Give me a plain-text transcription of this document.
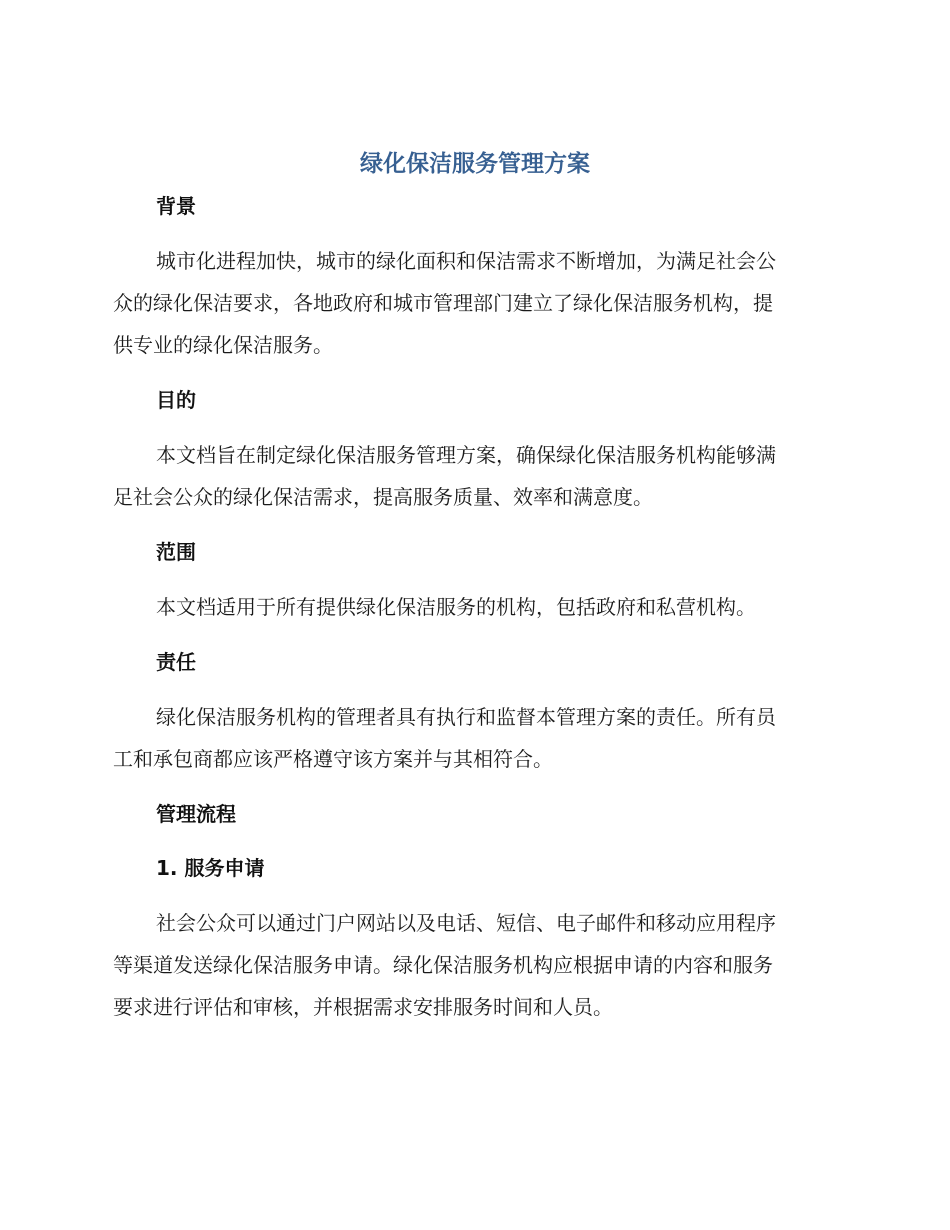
绿化保洁服务管理方案
背景
城市化进程加快，城市的绿化面积和保洁需求不断增加，为满足社会公
众的绿化保洁要求，各地政府和城市管理部门建立了绿化保洁服务机构，提
供专业的绿化保洁服务。
目的
本文档旨在制定绿化保洁服务管理方案，确保绿化保洁服务机构能够满
足社会公众的绿化保洁需求，提高服务质量、效率和满意度。
范围
本文档适用于所有提供绿化保洁服务的机构，包括政府和私营机构。
责任
绿化保洁服务机构的管理者具有执行和监督本管理方案的责任。所有员
工和承包商都应该严格遵守该方案并与其相符合。
管理流程
1. 服务申请
社会公众可以通过门户网站以及电话、短信、电子邮件和移动应用程序
等渠道发送绿化保洁服务申请。绿化保洁服务机构应根据申请的内容和服务
要求进行评估和审核，并根据需求安排服务时间和人员。
